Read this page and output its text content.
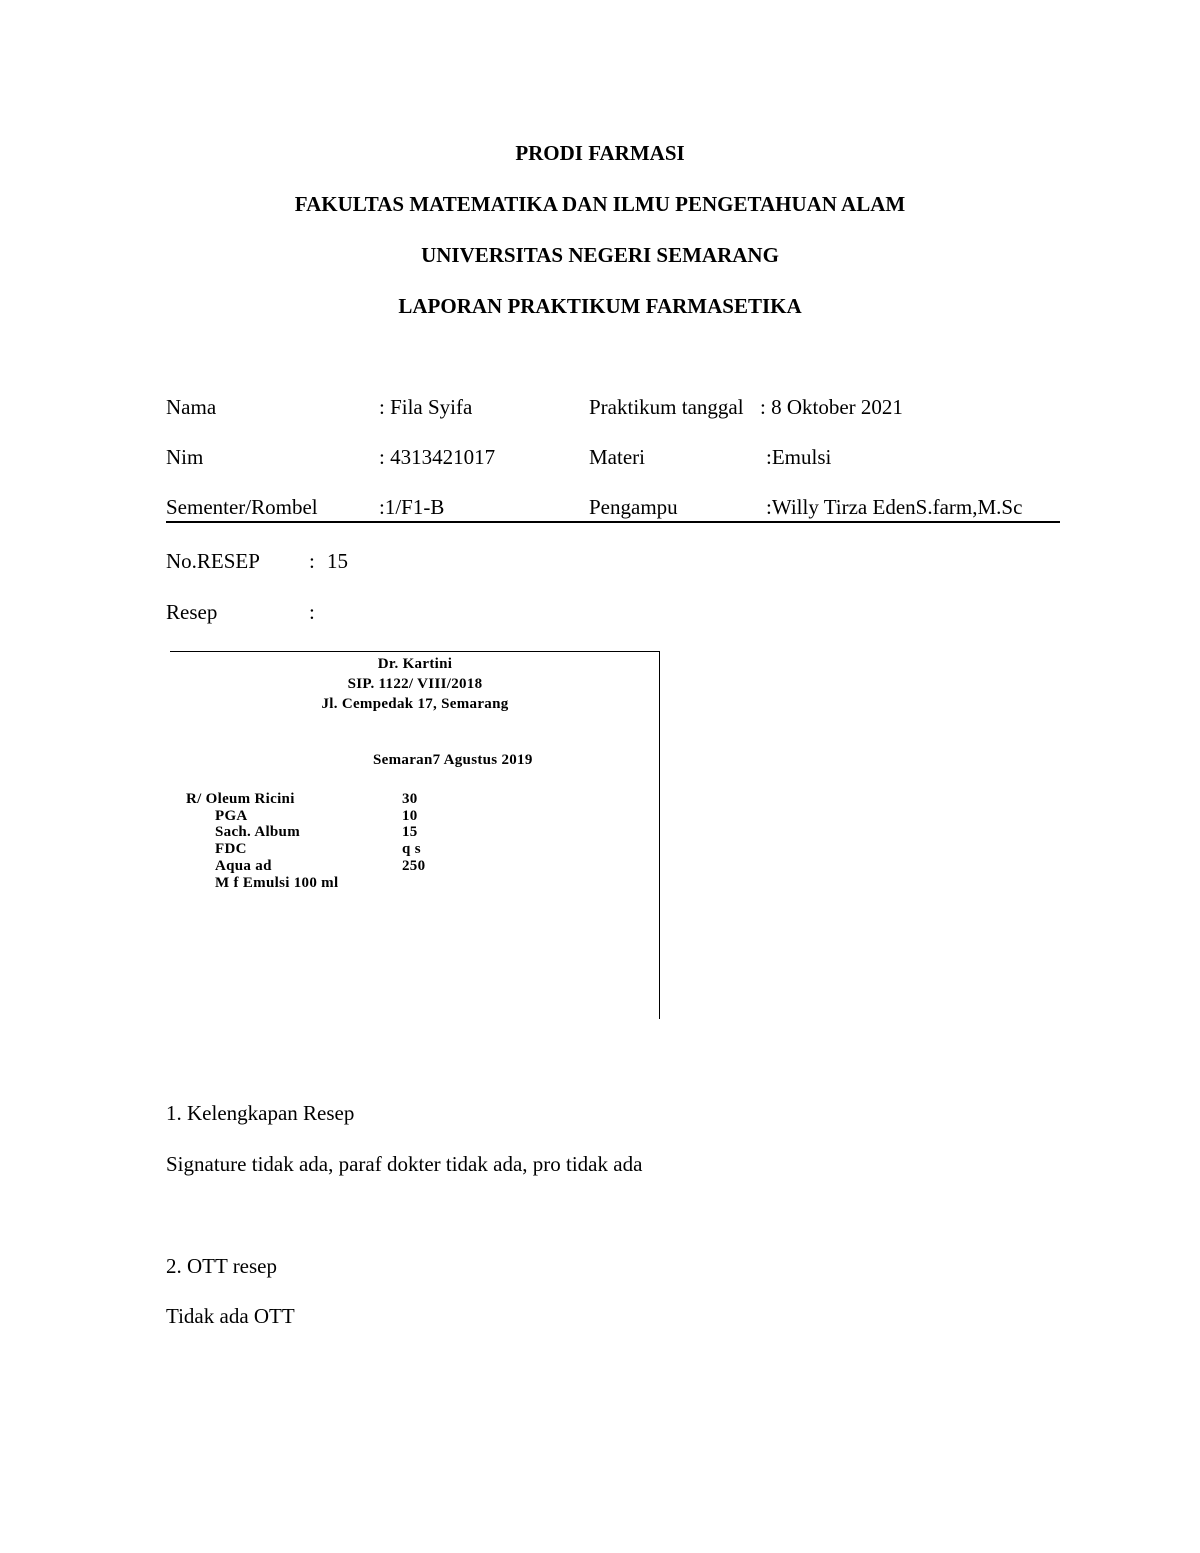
PRODI FARMASI
FAKULTAS MATEMATIKA DAN ILMU PENGETAHUAN ALAM
UNIVERSITAS NEGERI SEMARANG
LAPORAN PRAKTIKUM FARMASETIKA
Nama	: Fila Syifa	Praktikum tanggal : 8 Oktober 2021
Nim	: 4313421017	Materi	:Emulsi
Sementer/Rombel	:1/F1-B	Pengampu	:Willy Tirza EdenS.farm,M.Sc
No.RESEP : 15
Resep	:
Dr. Kartini
SIP. 1122/ VIII/2018
Jl. Cempedak 17, Semarang
Semaran7 Agustus 2019
R/ Oleum Ricini	30
PGA	10
Sach. Album	15
FDC	q s
Aqua ad	250
M f Emulsi 100 ml
1. Kelengkapan Resep
Signature tidak ada, paraf dokter tidak ada, pro tidak ada
2. OTT resep
Tidak ada OTT
